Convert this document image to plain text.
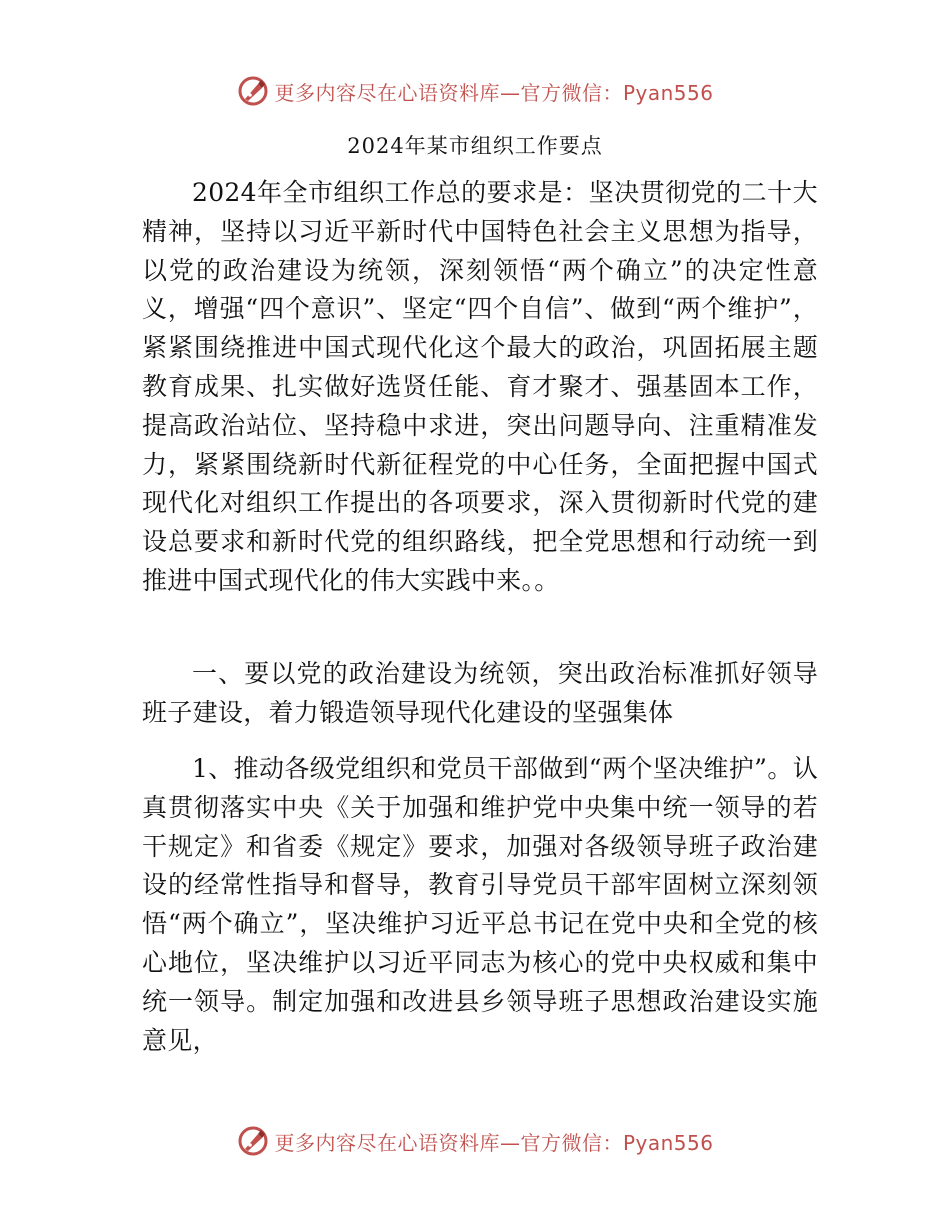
更多内容尽在心语资料库—官方微信：Pyan556
2024年某市组织工作要点
2024年全市组织工作总的要求是：坚决贯彻党的二十大精神，坚持以习近平新时代中国特色社会主义思想为指导，以党的政治建设为统领，深刻领悟“两个确立”的决定性意义，增强“四个意识”、坚定“四个自信”、做到“两个维护”，紧紧围绕推进中国式现代化这个最大的政治，巩固拓展主题教育成果、扎实做好选贤任能、育才聚才、强基固本工作，提高政治站位、坚持稳中求进，突出问题导向、注重精准发力，紧紧围绕新时代新征程党的中心任务，全面把握中国式现代化对组织工作提出的各项要求，深入贯彻新时代党的建设总要求和新时代党的组织路线，把全党思想和行动统一到推进中国式现代化的伟大实践中来。。
一、要以党的政治建设为统领，突出政治标准抓好领导班子建设，着力锻造领导现代化建设的坚强集体
1、推动各级党组织和党员干部做到“两个坚决维护”。认真贯彻落实中央《关于加强和维护党中央集中统一领导的若干规定》和省委《规定》要求，加强对各级领导班子政治建设的经常性指导和督导，教育引导党员干部牢固树立深刻领悟“两个确立”，坚决维护习近平总书记在党中央和全党的核心地位，坚决维护以习近平同志为核心的党中央权威和集中统一领导。制定加强和改进县乡领导班子思想政治建设实施意见，
更多内容尽在心语资料库—官方微信：Pyan556
